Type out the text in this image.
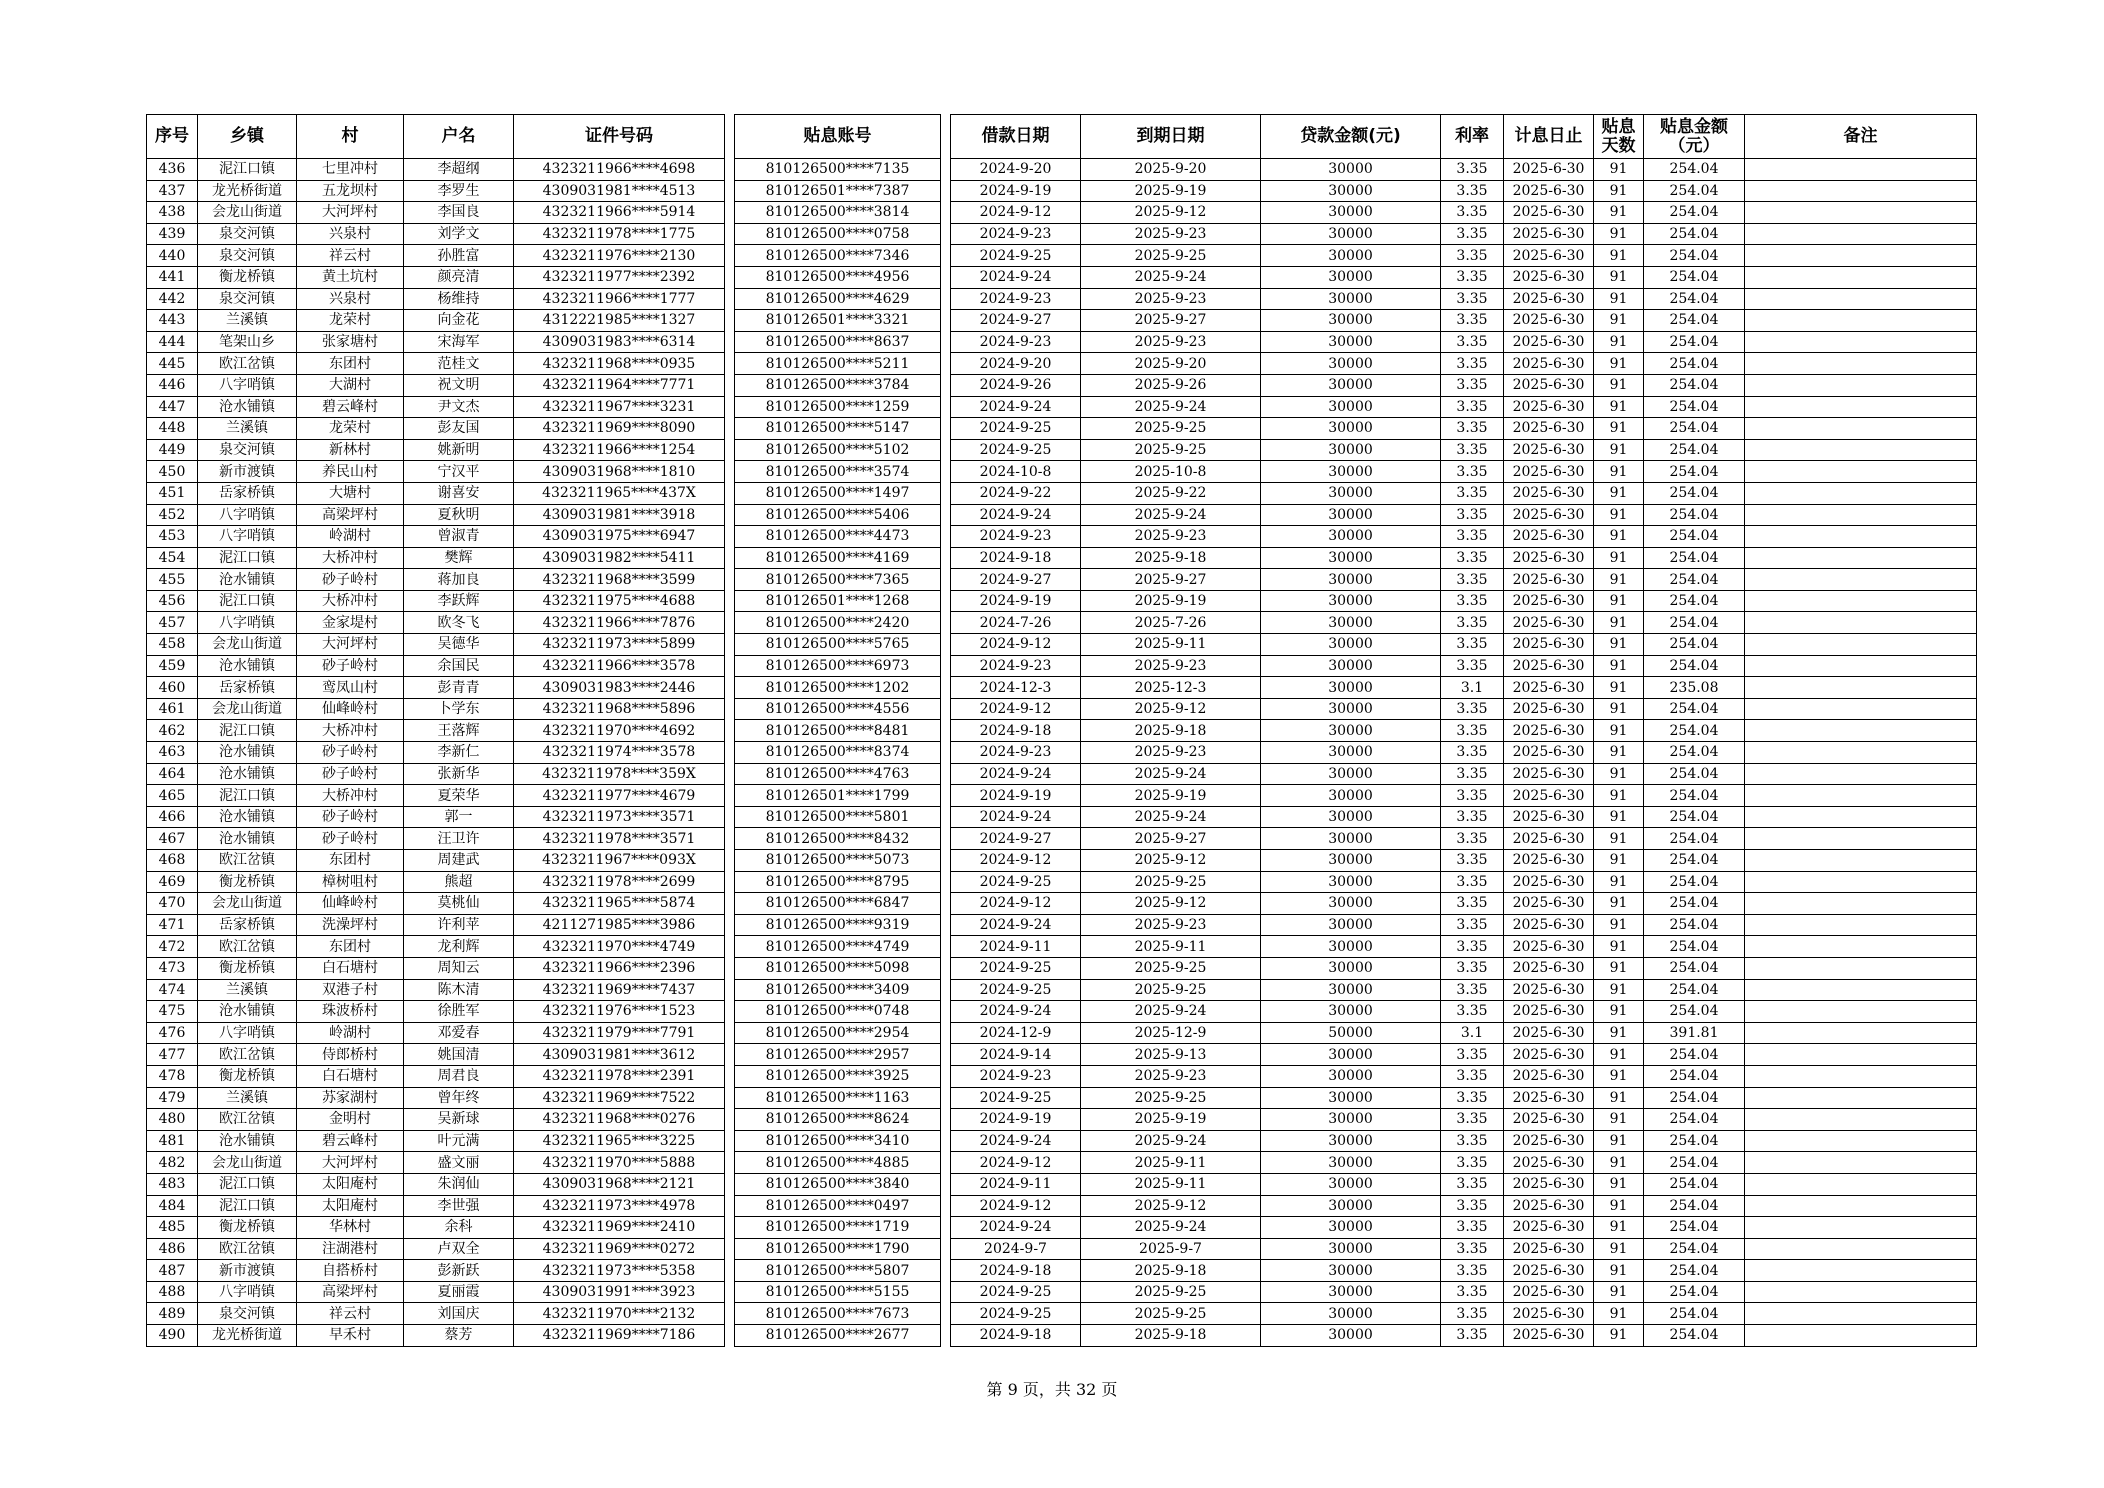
序号	乡镇	村	户名	证件号码		贴息账号		借款日期	到期日期	贷款金额(元)	利率	计息日止	贴息天数	贴息金额（元）	备注
436	泥江口镇	七里冲村	李超纲	4323211966****4698		810126500****7135		2024-9-20	2025-9-20	30000	3.35	2025-6-30	91	254.04	
437	龙光桥街道	五龙坝村	李罗生	4309031981****4513		810126501****7387		2024-9-19	2025-9-19	30000	3.35	2025-6-30	91	254.04	
438	会龙山街道	大河坪村	李国良	4323211966****5914		810126500****3814		2024-9-12	2025-9-12	30000	3.35	2025-6-30	91	254.04	
439	泉交河镇	兴泉村	刘学文	4323211978****1775		810126500****0758		2024-9-23	2025-9-23	30000	3.35	2025-6-30	91	254.04	
440	泉交河镇	祥云村	孙胜富	4323211976****2130		810126500****7346		2024-9-25	2025-9-25	30000	3.35	2025-6-30	91	254.04	
441	衡龙桥镇	黄土坑村	颜亮清	4323211977****2392		810126500****4956		2024-9-24	2025-9-24	30000	3.35	2025-6-30	91	254.04	
442	泉交河镇	兴泉村	杨维持	4323211966****1777		810126500****4629		2024-9-23	2025-9-23	30000	3.35	2025-6-30	91	254.04	
443	兰溪镇	龙荣村	向金花	4312221985****1327		810126501****3321		2024-9-27	2025-9-27	30000	3.35	2025-6-30	91	254.04	
444	笔架山乡	张家塘村	宋海军	4309031983****6314		810126500****8637		2024-9-23	2025-9-23	30000	3.35	2025-6-30	91	254.04	
445	欧江岔镇	东团村	范桂文	4323211968****0935		810126500****5211		2024-9-20	2025-9-20	30000	3.35	2025-6-30	91	254.04	
446	八字哨镇	大湖村	祝文明	4323211964****7771		810126500****3784		2024-9-26	2025-9-26	30000	3.35	2025-6-30	91	254.04	
447	沧水铺镇	碧云峰村	尹文杰	4323211967****3231		810126500****1259		2024-9-24	2025-9-24	30000	3.35	2025-6-30	91	254.04	
448	兰溪镇	龙荣村	彭友国	4323211969****8090		810126500****5147		2024-9-25	2025-9-25	30000	3.35	2025-6-30	91	254.04	
449	泉交河镇	新林村	姚新明	4323211966****1254		810126500****5102		2024-9-25	2025-9-25	30000	3.35	2025-6-30	91	254.04	
450	新市渡镇	养民山村	宁汉平	4309031968****1810		810126500****3574		2024-10-8	2025-10-8	30000	3.35	2025-6-30	91	254.04	
451	岳家桥镇	大塘村	谢喜安	4323211965****437X		810126500****1497		2024-9-22	2025-9-22	30000	3.35	2025-6-30	91	254.04	
452	八字哨镇	高梁坪村	夏秋明	4309031981****3918		810126500****5406		2024-9-24	2025-9-24	30000	3.35	2025-6-30	91	254.04	
453	八字哨镇	岭湖村	曾淑青	4309031975****6947		810126500****4473		2024-9-23	2025-9-23	30000	3.35	2025-6-30	91	254.04	
454	泥江口镇	大桥冲村	樊辉	4309031982****5411		810126500****4169		2024-9-18	2025-9-18	30000	3.35	2025-6-30	91	254.04	
455	沧水铺镇	砂子岭村	蒋加良	4323211968****3599		810126500****7365		2024-9-27	2025-9-27	30000	3.35	2025-6-30	91	254.04	
456	泥江口镇	大桥冲村	李跃辉	4323211975****4688		810126501****1268		2024-9-19	2025-9-19	30000	3.35	2025-6-30	91	254.04	
457	八字哨镇	金家堤村	欧冬飞	4323211966****7876		810126500****2420		2024-7-26	2025-7-26	30000	3.35	2025-6-30	91	254.04	
458	会龙山街道	大河坪村	吴德华	4323211973****5899		810126500****5765		2024-9-12	2025-9-11	30000	3.35	2025-6-30	91	254.04	
459	沧水铺镇	砂子岭村	余国民	4323211966****3578		810126500****6973		2024-9-23	2025-9-23	30000	3.35	2025-6-30	91	254.04	
460	岳家桥镇	鸾凤山村	彭青青	4309031983****2446		810126500****1202		2024-12-3	2025-12-3	30000	3.1	2025-6-30	91	235.08	
461	会龙山街道	仙峰岭村	卜学东	4323211968****5896		810126500****4556		2024-9-12	2025-9-12	30000	3.35	2025-6-30	91	254.04	
462	泥江口镇	大桥冲村	王落辉	4323211970****4692		810126500****8481		2024-9-18	2025-9-18	30000	3.35	2025-6-30	91	254.04	
463	沧水铺镇	砂子岭村	李新仁	4323211974****3578		810126500****8374		2024-9-23	2025-9-23	30000	3.35	2025-6-30	91	254.04	
464	沧水铺镇	砂子岭村	张新华	4323211978****359X		810126500****4763		2024-9-24	2025-9-24	30000	3.35	2025-6-30	91	254.04	
465	泥江口镇	大桥冲村	夏荣华	4323211977****4679		810126501****1799		2024-9-19	2025-9-19	30000	3.35	2025-6-30	91	254.04	
466	沧水铺镇	砂子岭村	郭一	4323211973****3571		810126500****5801		2024-9-24	2025-9-24	30000	3.35	2025-6-30	91	254.04	
467	沧水铺镇	砂子岭村	汪卫许	4323211978****3571		810126500****8432		2024-9-27	2025-9-27	30000	3.35	2025-6-30	91	254.04	
468	欧江岔镇	东团村	周建武	4323211967****093X		810126500****5073		2024-9-12	2025-9-12	30000	3.35	2025-6-30	91	254.04	
469	衡龙桥镇	樟树咀村	熊超	4323211978****2699		810126500****8795		2024-9-25	2025-9-25	30000	3.35	2025-6-30	91	254.04	
470	会龙山街道	仙峰岭村	莫桃仙	4323211965****5874		810126500****6847		2024-9-12	2025-9-12	30000	3.35	2025-6-30	91	254.04	
471	岳家桥镇	洗澡坪村	许利苹	4211271985****3986		810126500****9319		2024-9-24	2025-9-23	30000	3.35	2025-6-30	91	254.04	
472	欧江岔镇	东团村	龙利辉	4323211970****4749		810126500****4749		2024-9-11	2025-9-11	30000	3.35	2025-6-30	91	254.04	
473	衡龙桥镇	白石塘村	周知云	4323211966****2396		810126500****5098		2024-9-25	2025-9-25	30000	3.35	2025-6-30	91	254.04	
474	兰溪镇	双港子村	陈木清	4323211969****7437		810126500****3409		2024-9-25	2025-9-25	30000	3.35	2025-6-30	91	254.04	
475	沧水铺镇	珠波桥村	徐胜军	4323211976****1523		810126500****0748		2024-9-24	2025-9-24	30000	3.35	2025-6-30	91	254.04	
476	八字哨镇	岭湖村	邓爱春	4323211979****7791		810126500****2954		2024-12-9	2025-12-9	50000	3.1	2025-6-30	91	391.81	
477	欧江岔镇	侍郎桥村	姚国清	4309031981****3612		810126500****2957		2024-9-14	2025-9-13	30000	3.35	2025-6-30	91	254.04	
478	衡龙桥镇	白石塘村	周君良	4323211978****2391		810126500****3925		2024-9-23	2025-9-23	30000	3.35	2025-6-30	91	254.04	
479	兰溪镇	苏家湖村	曾年终	4323211969****7522		810126500****1163		2024-9-25	2025-9-25	30000	3.35	2025-6-30	91	254.04	
480	欧江岔镇	金明村	吴新球	4323211968****0276		810126500****8624		2024-9-19	2025-9-19	30000	3.35	2025-6-30	91	254.04	
481	沧水铺镇	碧云峰村	叶元满	4323211965****3225		810126500****3410		2024-9-24	2025-9-24	30000	3.35	2025-6-30	91	254.04	
482	会龙山街道	大河坪村	盛文丽	4323211970****5888		810126500****4885		2024-9-12	2025-9-11	30000	3.35	2025-6-30	91	254.04	
483	泥江口镇	太阳庵村	朱润仙	4309031968****2121		810126500****3840		2024-9-11	2025-9-11	30000	3.35	2025-6-30	91	254.04	
484	泥江口镇	太阳庵村	李世强	4323211973****4978		810126500****0497		2024-9-12	2025-9-12	30000	3.35	2025-6-30	91	254.04	
485	衡龙桥镇	华林村	余科	4323211969****2410		810126500****1719		2024-9-24	2025-9-24	30000	3.35	2025-6-30	91	254.04	
486	欧江岔镇	注湖港村	卢双全	4323211969****0272		810126500****1790		2024-9-7	2025-9-7	30000	3.35	2025-6-30	91	254.04	
487	新市渡镇	自搭桥村	彭新跃	4323211973****5358		810126500****5807		2024-9-18	2025-9-18	30000	3.35	2025-6-30	91	254.04	
488	八字哨镇	高梁坪村	夏丽霞	4309031991****3923		810126500****5155		2024-9-25	2025-9-25	30000	3.35	2025-6-30	91	254.04	
489	泉交河镇	祥云村	刘国庆	4323211970****2132		810126500****7673		2024-9-25	2025-9-25	30000	3.35	2025-6-30	91	254.04	
490	龙光桥街道	早禾村	蔡芳	4323211969****7186		810126500****2677		2024-9-18	2025-9-18	30000	3.35	2025-6-30	91	254.04	
第 9 页，共 32 页
